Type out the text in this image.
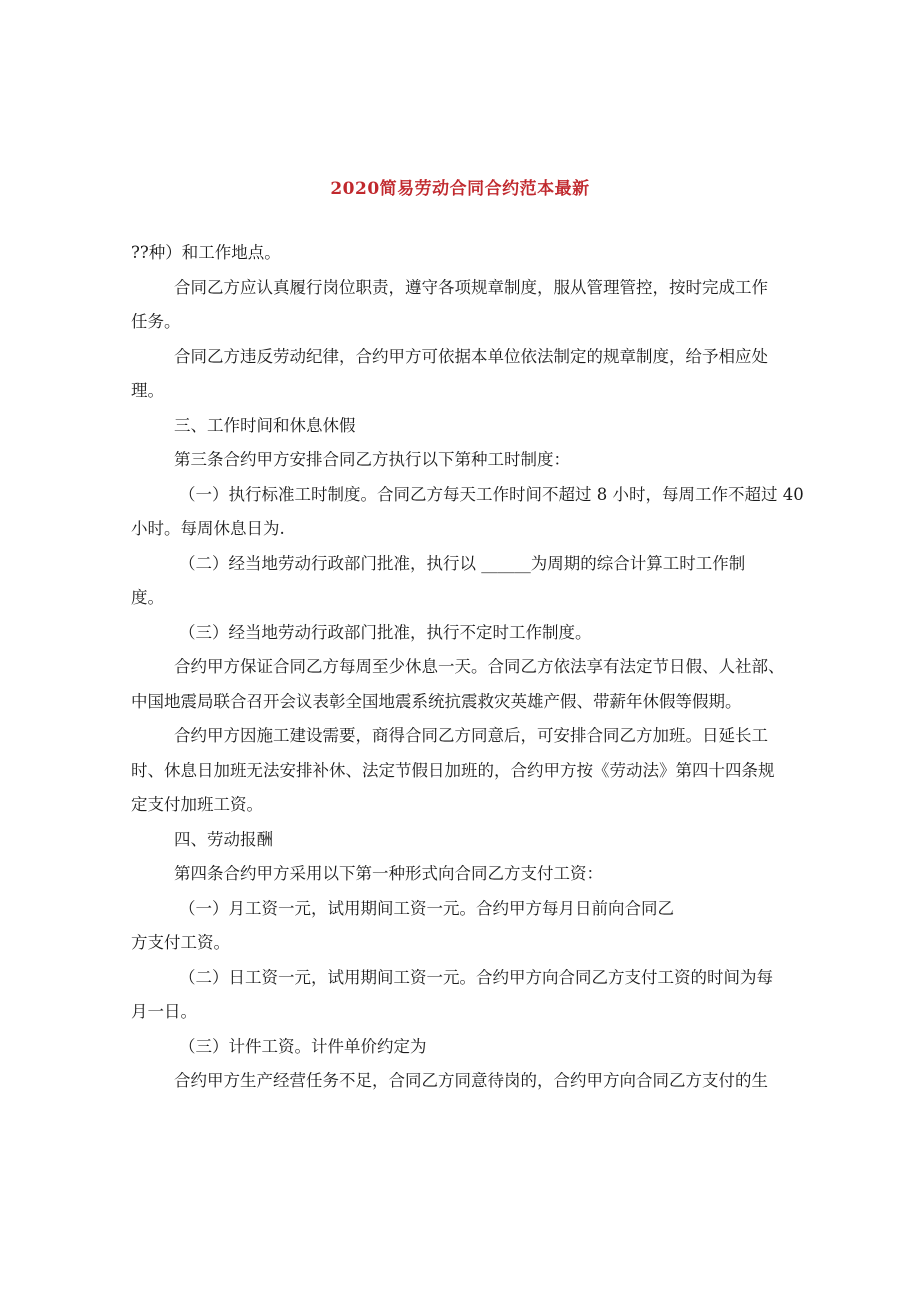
2020简易劳动合同合约范本最新
??种）和工作地点。
合同乙方应认真履行岗位职责，遵守各项规章制度，服从管理管控，按时完成工作
任务。
合同乙方违反劳动纪律，合约甲方可依据本单位依法制定的规章制度，给予相应处
理。
三、工作时间和休息休假
第三条合约甲方安排合同乙方执行以下第种工时制度：
（一）执行标准工时制度。合同乙方每天工作时间不超过 8 小时，每周工作不超过 40
小时。每周休息日为.
（二）经当地劳动行政部门批准，执行以 ______为周期的综合计算工时工作制
度。
（三）经当地劳动行政部门批准，执行不定时工作制度。
合约甲方保证合同乙方每周至少休息一天。合同乙方依法享有法定节日假、人社部、
中国地震局联合召开会议表彰全国地震系统抗震救灾英雄产假、带薪年休假等假期。
合约甲方因施工建设需要，商得合同乙方同意后，可安排合同乙方加班。日延长工
时、休息日加班无法安排补休、法定节假日加班的，合约甲方按《劳动法》第四十四条规
定支付加班工资。
四、劳动报酬
第四条合约甲方采用以下第一种形式向合同乙方支付工资：
（一）月工资一元，试用期间工资一元。合约甲方每月日前向合同乙
方支付工资。
（二）日工资一元，试用期间工资一元。合约甲方向合同乙方支付工资的时间为每
月一日。
（三）计件工资。计件单价约定为
合约甲方生产经营任务不足，合同乙方同意待岗的，合约甲方向合同乙方支付的生
